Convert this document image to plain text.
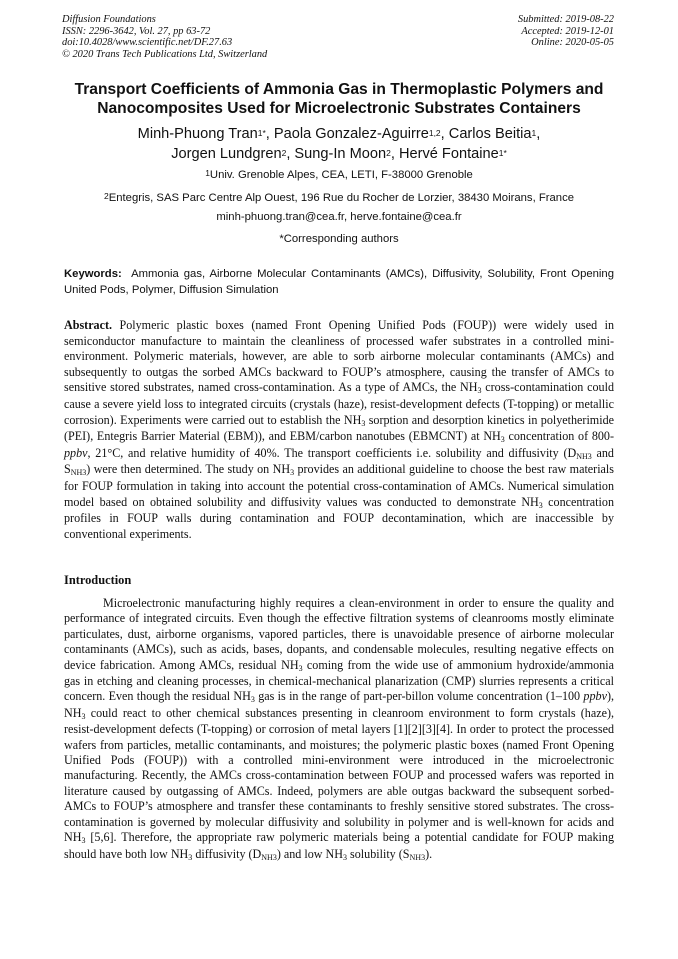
Diffusion Foundations
ISSN: 2296-3642, Vol. 27, pp 63-72
doi:10.4028/www.scientific.net/DF.27.63
© 2020 Trans Tech Publications Ltd, Switzerland
Submitted: 2019-08-22
Accepted: 2019-12-01
Online: 2020-05-05
Transport Coefficients of Ammonia Gas in Thermoplastic Polymers and Nanocomposites Used for Microelectronic Substrates Containers
Minh-Phuong Tran$^{1*}$, Paola Gonzalez-Aguirre$^{1,2}$, Carlos Beitia$^1$,
Jorgen Lundgren$^2$, Sung-In Moon$^2$, Hervé Fontaine$^{1*}$
$^1$Univ. Grenoble Alpes, CEA, LETI, F-38000 Grenoble
$^2$Entegris, SAS Parc Centre Alp Ouest, 196 Rue du Rocher de Lorzier, 38430 Moirans, France
minh-phuong.tran@cea.fr, herve.fontaine@cea.fr
*Corresponding authors
Keywords: Ammonia gas, Airborne Molecular Contaminants (AMCs), Diffusivity, Solubility, Front Opening United Pods, Polymer, Diffusion Simulation
Abstract. Polymeric plastic boxes (named Front Opening Unified Pods (FOUP)) were widely used in semiconductor manufacture to maintain the cleanliness of processed wafer substrates in a controlled mini-environment. Polymeric materials, however, are able to sorb airborne molecular contaminants (AMCs) and subsequently to outgas the sorbed AMCs backward to FOUP’s atmosphere, causing the transfer of AMCs to sensitive stored substrates, named cross-contamination. As a type of AMCs, the $NH_3$ cross-contamination could cause a severe yield loss to integrated circuits (crystals (haze), resist-development defects (T-topping) or metallic corrosion). Experiments were carried out to establish the $NH_3$ sorption and desorption kinetics in polyetherimide (PEI), Entegris Barrier Material (EBM)), and EBM/carbon nanotubes (EBMCNT) at $NH_3$ concentration of 800-ppbv, 21°C, and relative humidity of 40%. The transport coefficients i.e. solubility and diffusivity ($D_{NH3}$ and $S_{NH3}$) were then determined. The study on $NH_3$ provides an additional guideline to choose the best raw materials for FOUP formulation in taking into account the potential cross-contamination of AMCs. Numerical simulation model based on obtained solubility and diffusivity values was conducted to demonstrate $NH_3$ concentration profiles in FOUP walls during contamination and FOUP decontamination, which are inaccessible by conventional experiments.
Introduction
Microelectronic manufacturing highly requires a clean-environment in order to ensure the quality and performance of integrated circuits. Even though the effective filtration systems of cleanrooms mostly eliminate particulates, dust, airborne organisms, vapored particles, there is unavoidable presence of airborne molecular contaminants (AMCs), such as acids, bases, dopants, and condensable molecules, resulting negative effects on device fabrication. Among AMCs, residual $NH_3$ coming from the wide use of ammonium hydroxide/ammonia gas in etching and cleaning processes, in chemical-mechanical planarization (CMP) slurries represents a critical concern. Even though the residual $NH_3$ gas is in the range of part-per-billon volume concentration (1–100 ppbv), $NH_3$ could react to other chemical substances presenting in cleanroom environment to form crystals (haze), resist-development defects (T-topping) or corrosion of metal layers [1][2][3][4]. In order to protect the processed wafers from particles, metallic contaminants, and moistures; the polymeric plastic boxes (named Front Opening Unified Pods (FOUP)) with a controlled mini-environment were introduced in the microelectronic manufacturing. Recently, the AMCs cross-contamination between FOUP and processed wafers was reported in literature caused by outgassing of AMCs. Indeed, polymers are able outgas backward the subsequent sorbed-AMCs to FOUP’s atmosphere and transfer these contaminants to freshly sensitive stored substrates. The cross-contamination is governed by molecular diffusivity and solubility in polymer and is well-known for acids and $NH_3$ [5,6]. Therefore, the appropriate raw polymeric materials being a potential candidate for FOUP making should have both low $NH_3$ diffusivity $(D_{NH3})$ and low $NH_3$ solubility $(S_{NH3})$.
